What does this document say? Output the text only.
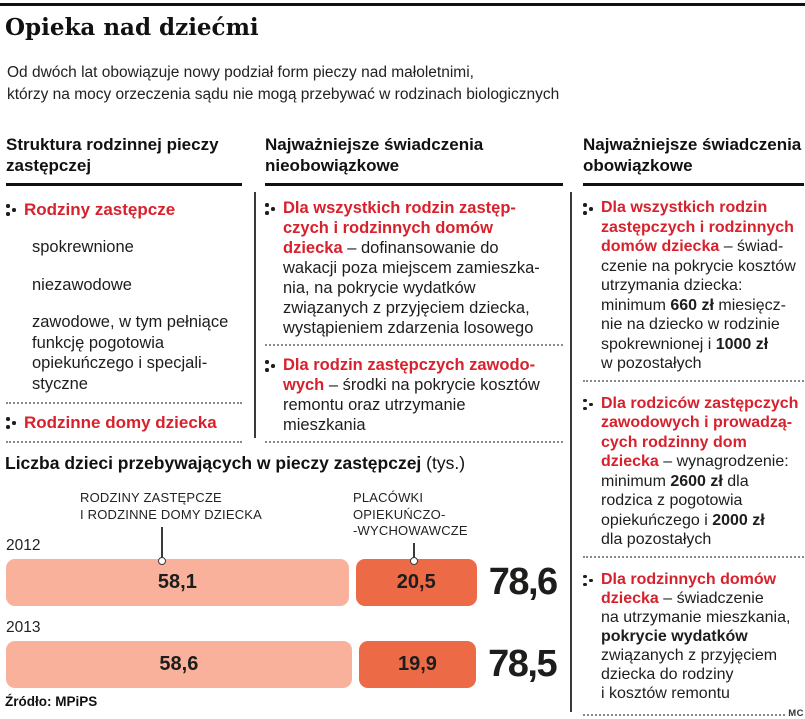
Opieka nad dziećmi
Od dwóch lat obowiązuje nowy podział form pieczy nad małoletnimi,
którzy na mocy orzeczenia sądu nie mogą przebywać w rodzinach biologicznych
Struktura rodzinnej pieczy
zastępczej
Rodziny zastępcze
spokrewnione
niezawodowe
zawodowe, w tym pełniące
funkcję pogotowia
opiekuńczego i specjali-
styczne
Rodzinne domy dziecka
Najważniejsze świadczenia
nieobowiązkowe
Dla wszystkich rodzin zastęp-
czych i rodzinnych domów
dziecka – dofinansowanie do
wakacji poza miejscem zamieszka-
nia, na pokrycie wydatków
związanych z przyjęciem dziecka,
wystąpieniem zdarzenia losowego
Dla rodzin zastępczych zawodo-
wych – środki na pokrycie kosztów
remontu oraz utrzymanie
mieszkania
Najważniejsze świadczenia
obowiązkowe
Dla wszystkich rodzin
zastępczych i rodzinnych
domów dziecka – świad-
czenie na pokrycie kosztów
utrzymania dziecka:
minimum 660 zł miesięcz-
nie na dziecko w rodzinie
spokrewnionej i 1000 zł
w pozostałych
Dla rodziców zastępczych
zawodowych i prowadzą-
cych rodzinny dom
dziecka – wynagrodzenie:
minimum 2600 zł dla
rodzica z pogotowia
opiekuńczego i 2000 zł
dla pozostałych
Dla rodzinnych domów
dziecka – świadczenie
na utrzymanie mieszkania,
pokrycie wydatków
związanych z przyjęciem
dziecka do rodziny
i kosztów remontu
MC
Liczba dzieci przebywających w pieczy zastępczej (tys.)
RODZINY ZASTĘPCZE
I RODZINNE DOMY DZIECKA
PLACÓWKI
OPIEKUŃCZO-
-WYCHOWAWCZE
2012
58,1	20,5 78,6
2013
58,6	19,9 78,5
Źródło: MPiPS
